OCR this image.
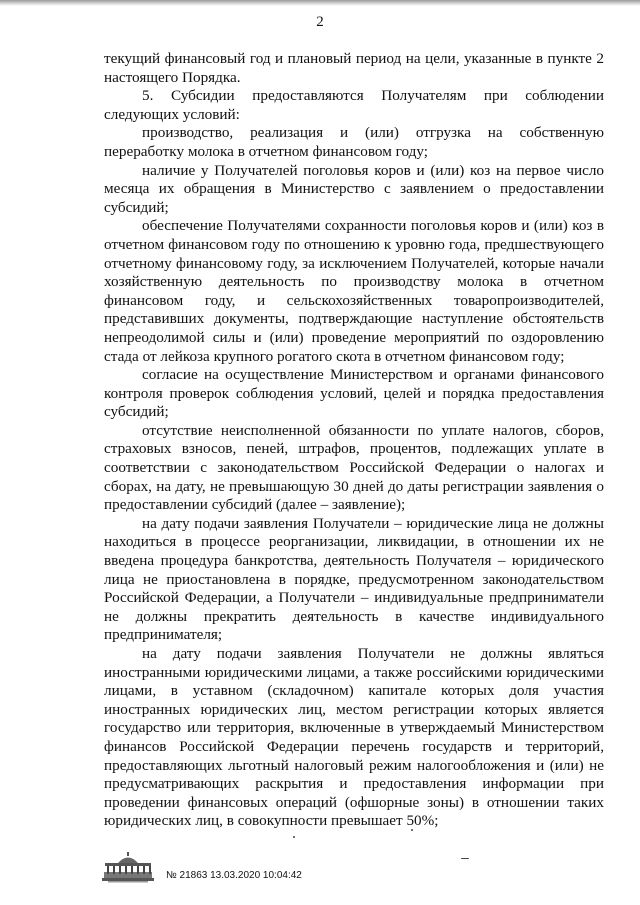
2

текущий финансовый год и плановый период на цели, указанные в пункте 2 настоящего Порядка.

5. Субсидии предоставляются Получателям при соблюдении следующих условий:

производство, реализация и (или) отгрузка на собственную переработку молока в отчетном финансовом году;

наличие у Получателей поголовья коров и (или) коз на первое число месяца их обращения в Министерство с заявлением о предоставлении субсидий;

обеспечение Получателями сохранности поголовья коров и (или) коз в отчетном финансовом году по отношению к уровню года, предшествующего отчетному финансовому году, за исключением Получателей, которые начали хозяйственную деятельность по производству молока в отчетном финансовом году, и сельскохозяйственных товаропроизводителей, представивших документы, подтверждающие наступление обстоятельств непреодолимой силы и (или) проведение мероприятий по оздоровлению стада от лейкоза крупного рогатого скота в отчетном финансовом году;

согласие на осуществление Министерством и органами финансового контроля проверок соблюдения условий, целей и порядка предоставления субсидий;

отсутствие неисполненной обязанности по уплате налогов, сборов, страховых взносов, пеней, штрафов, процентов, подлежащих уплате в соответствии с законодательством Российской Федерации о налогах и сборах, на дату, не превышающую 30 дней до даты регистрации заявления о предоставлении субсидий (далее – заявление);

на дату подачи заявления Получатели – юридические лица не должны находиться в процессе реорганизации, ликвидации, в отношении их не введена процедура банкротства, деятельность Получателя – юридического лица не приостановлена в порядке, предусмотренном законодательством Российской Федерации, а Получатели – индивидуальные предприниматели не должны прекратить деятельность в качестве индивидуального предпринимателя;

на дату подачи заявления Получатели не должны являться иностранными юридическими лицами, а также российскими юридическими лицами, в уставном (складочном) капитале которых доля участия иностранных юридических лиц, местом регистрации которых является государство или территория, включенные в утверждаемый Министерством финансов Российской Федерации перечень государств и территорий, предоставляющих льготный налоговый режим налогообложения и (или) не предусматривающих раскрытия и предоставления информации при проведении финансовых операций (офшорные зоны) в отношении таких юридических лиц, в совокупности превышает 50%;

№ 21863 13.03.2020 10:04:42
